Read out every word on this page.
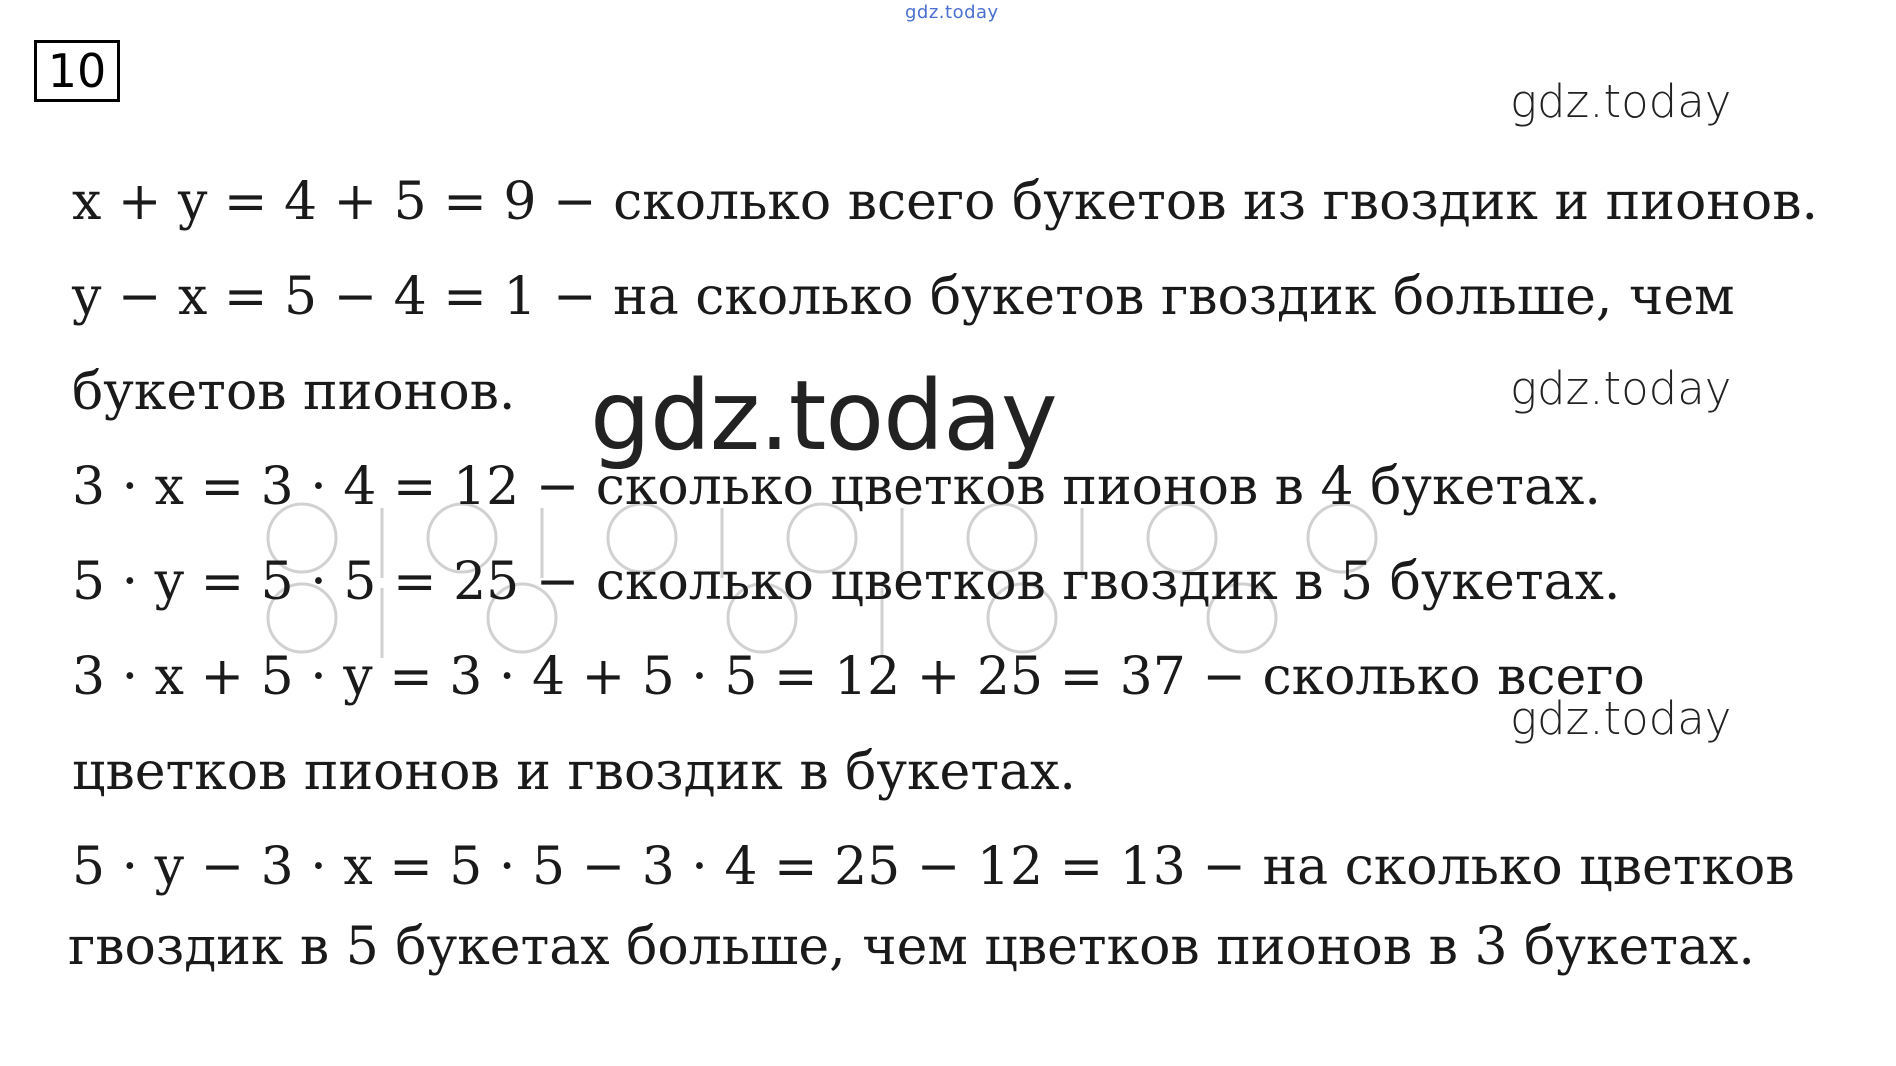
gdz.today
10
gdz.today
gdz.today
gdz.today
gdz.today
x + y = 4 + 5 = 9 − сколько всего букетов из гвоздик и пионов.
y − x = 5 − 4 = 1 − на сколько букетов гвоздик больше, чем
букетов пионов.
3 · x = 3 · 4 = 12 − сколько цветков пионов в 4 букетах.
5 · y = 5 · 5 = 25 − сколько цветков гвоздик в 5 букетах.
3 · x + 5 · y = 3 · 4 + 5 · 5 = 12 + 25 = 37 − сколько всего
цветков пионов и гвоздик в букетах.
5 · y − 3 · x = 5 · 5 − 3 · 4 = 25 − 12 = 13 − на сколько цветков
гвоздик в 5 букетах больше, чем цветков пионов в 3 букетах.
